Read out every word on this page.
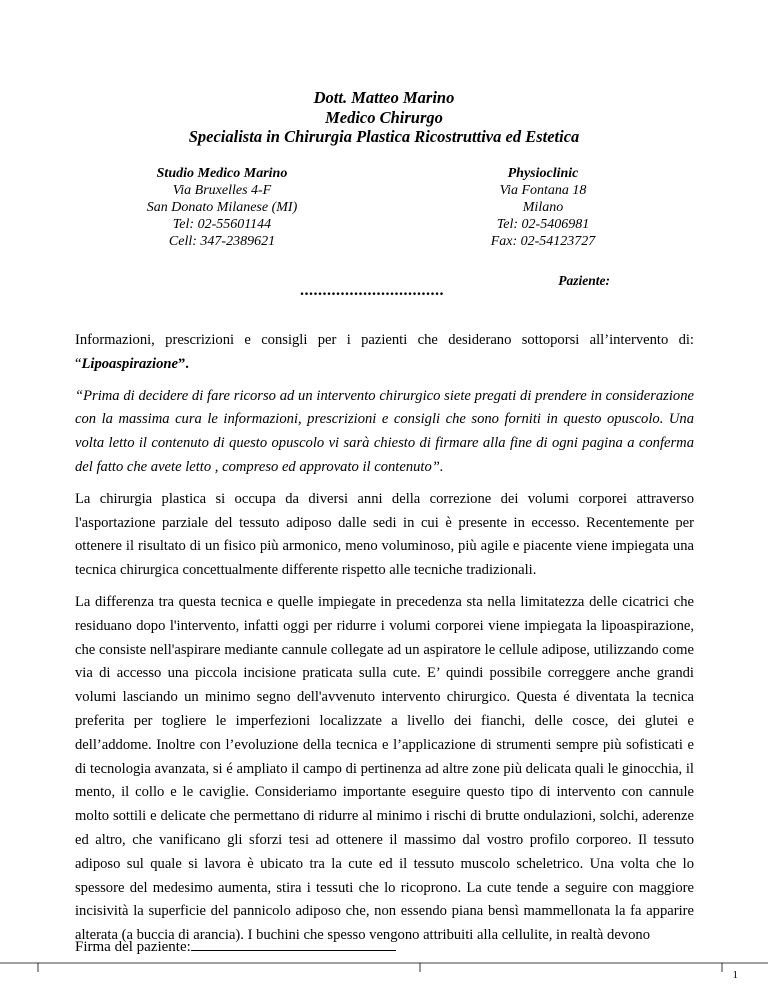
Dott. Matteo Marino
Medico Chirurgo
Specialista in Chirurgia Plastica Ricostruttiva ed Estetica
Studio Medico Marino
Via Bruxelles 4-F
San Donato Milanese (MI)
Tel: 02-55601144
Cell: 347-2389621
Physioclinic
Via Fontana 18
Milano
Tel: 02-5406981
Fax: 02-54123727
Paziente:
................................

Informazioni, prescrizioni e consigli per i pazienti che desiderano sottoporsi all’intervento di: “Lipoaspirazione”.

“Prima di decidere di fare ricorso ad un intervento chirurgico siete pregati di prendere in considerazione con la massima cura le informazioni, prescrizioni e consigli che sono forniti in questo opuscolo. Una volta letto il contenuto di questo opuscolo vi sarà chiesto di firmare alla fine di ogni pagina a conferma del fatto che avete letto , compreso ed approvato il contenuto”.

La chirurgia plastica si occupa da diversi anni della correzione dei volumi corporei attraverso l'asportazione parziale del tessuto adiposo dalle sedi in cui è presente in eccesso. Recentemente per ottenere il risultato di un fisico più armonico, meno voluminoso, più agile e piacente viene impiegata una tecnica chirurgica concettualmente differente rispetto alle tecniche tradizionali.

La differenza tra questa tecnica e quelle impiegate in precedenza sta nella limitatezza delle cicatrici che residuano dopo l'intervento, infatti oggi per ridurre i volumi corporei viene impiegata la lipoaspirazione, che consiste nell'aspirare mediante cannule collegate ad un aspiratore le cellule adipose, utilizzando come via di accesso una piccola incisione praticata sulla cute. E’ quindi possibile correggere anche grandi volumi lasciando un minimo segno dell'avvenuto intervento chirurgico. Questa é diventata la tecnica preferita per togliere le imperfezioni localizzate a livello dei fianchi, delle cosce, dei glutei e dell’addome. Inoltre con l’evoluzione della tecnica e l’applicazione di strumenti sempre più sofisticati e di tecnologia avanzata, si é ampliato il campo di pertinenza ad altre zone più delicata quali le ginocchia, il mento, il collo e le caviglie. Consideriamo importante eseguire questo tipo di intervento con cannule molto sottili e delicate che permettano di ridurre al minimo i rischi di brutte ondulazioni, solchi, aderenze ed altro, che vanificano gli sforzi tesi ad ottenere il massimo dal vostro profilo corporeo. Il tessuto adiposo sul quale si lavora è ubicato tra la cute ed il tessuto muscolo scheletrico. Una volta che lo spessore del medesimo aumenta, stira i tessuti che lo ricoprono. La cute tende a seguire con maggiore incisività la superficie del pannicolo adiposo che, non essendo piana bensì mammellonata la fa apparire alterata (a buccia di arancia). I buchini che spesso vengono attribuiti alla cellulite, in realtà devono

Firma del paziente:
1
